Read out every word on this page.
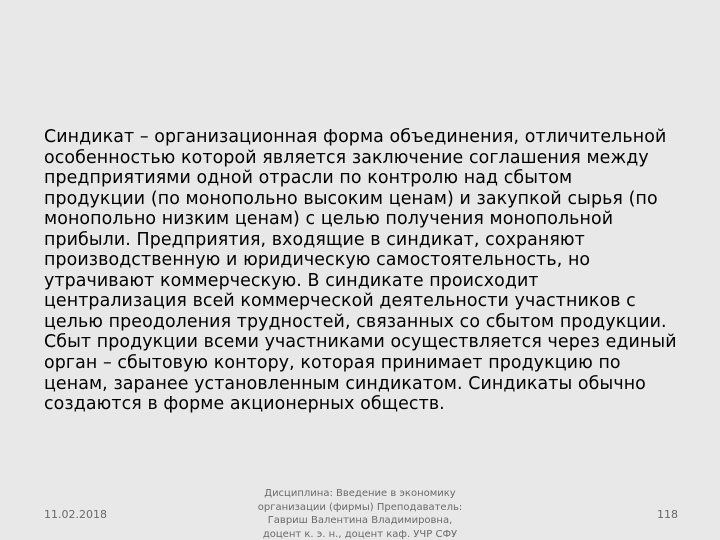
Синдикат – организационная форма объединения, отличительной
особенностью которой является заключение соглашения между
предприятиями одной отрасли по контролю над сбытом
продукции (по монопольно высоким ценам) и закупкой сырья (по
монопольно низким ценам) с целью получения монопольной
прибыли. Предприятия, входящие в синдикат, сохраняют
производственную и юридическую самостоятельность, но
утрачивают коммерческую. В синдикате происходит
централизация всей коммерческой деятельности участников с
целью преодоления трудностей, связанных со сбытом продукции.
Сбыт продукции всеми участниками осуществляется через единый
орган – сбытовую контору, которая принимает продукцию по
ценам, заранее установленным синдикатом. Синдикаты обычно
создаются в форме акционерных обществ.
11.02.2018
Дисциплина: Введение в экономику
организации (фирмы) Преподаватель:
Гавриш Валентина Владимировна,
доцент к. э. н., доцент каф. УЧР СФУ
118
